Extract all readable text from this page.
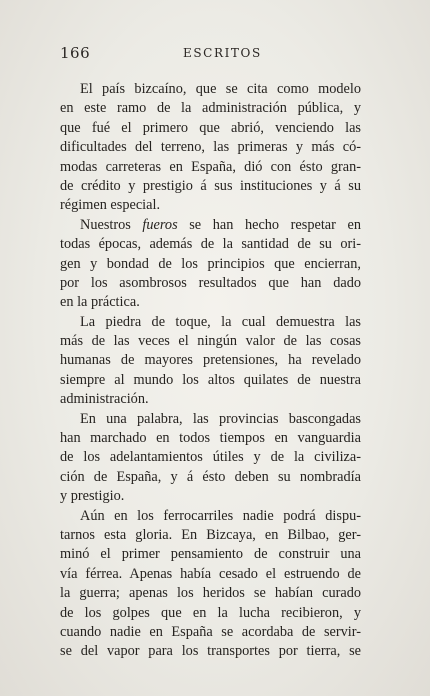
166	ESCRITOS
El país bizcaíno, que se cita como modelo
en este ramo de la administración pública, y
que fué el primero que abrió, venciendo las
dificultades del terreno, las primeras y más có-
modas carreteras en España, dió con ésto gran-
de crédito y prestigio á sus instituciones y á su
régimen especial.
Nuestros fueros se han hecho respetar en
todas épocas, además de la santidad de su ori-
gen y bondad de los principios que encierran,
por los asombrosos resultados que han dado
en la práctica.
La piedra de toque, la cual demuestra las
más de las veces el ningún valor de las cosas
humanas de mayores pretensiones, ha revelado
siempre al mundo los altos quilates de nuestra
administración.
En una palabra, las provincias bascongadas
han marchado en todos tiempos en vanguardia
de los adelantamientos útiles y de la civiliza-
ción de España, y á ésto deben su nombradía
y prestigio.
Aún en los ferrocarriles nadie podrá dispu-
tarnos esta gloria. En Bizcaya, en Bilbao, ger-
minó el primer pensamiento de construir una
vía férrea. Apenas había cesado el estruendo de
la guerra; apenas los heridos se habían curado
de los golpes que en la lucha recibieron, y
cuando nadie en España se acordaba de servir-
se del vapor para los transportes por tierra, se
